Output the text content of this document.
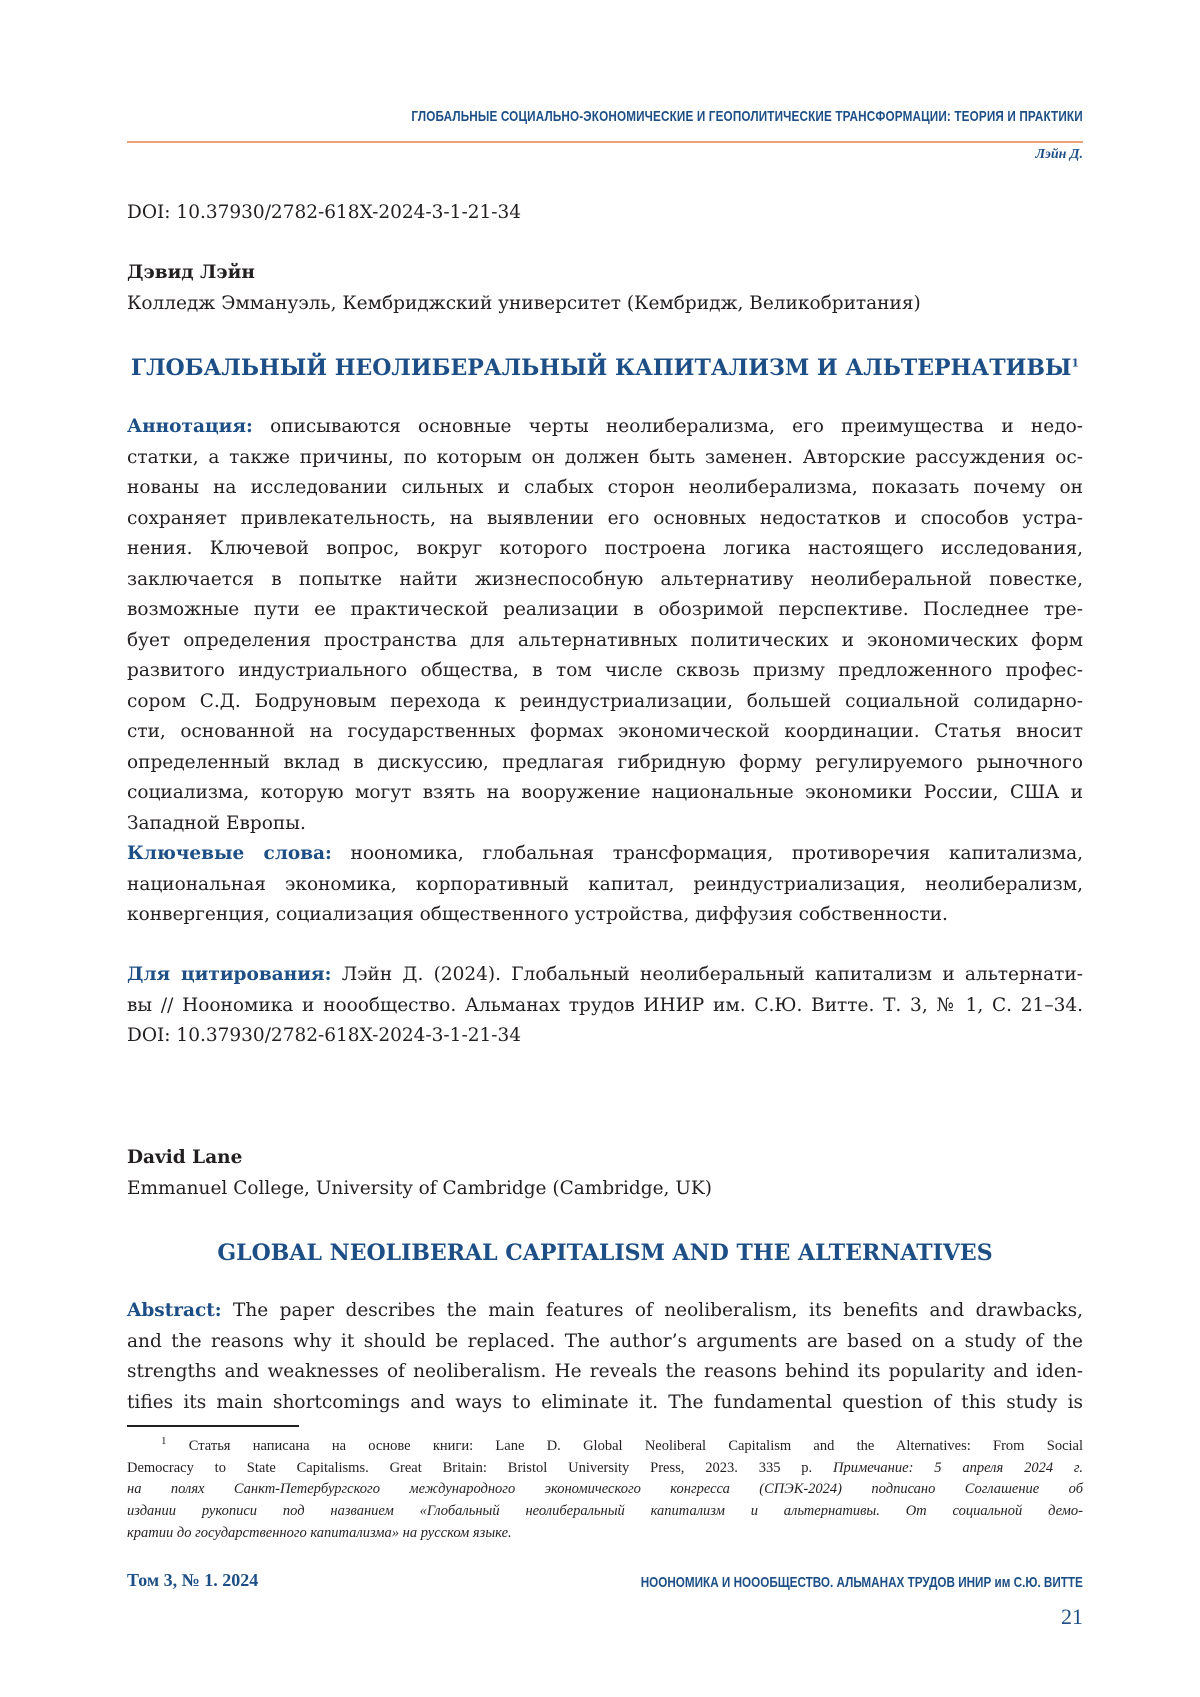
ГЛОБАЛЬНЫЕ СОЦИАЛЬНО-ЭКОНОМИЧЕСКИЕ И ГЕОПОЛИТИЧЕСКИЕ ТРАНСФОРМАЦИИ: ТЕОРИЯ И ПРАКТИКИ
Лэйн Д.
DOI: 10.37930/2782-618X-2024-3-1-21-34
Дэвид Лэйн
Колледж Эммануэль, Кембриджский университет (Кембридж, Великобритания)
ГЛОБАЛЬНЫЙ НЕОЛИБЕРАЛЬНЫЙ КАПИТАЛИЗМ И АЛЬТЕРНАТИВЫ1
Аннотация: описываются основные черты неолиберализма, его преимущества и недо-
статки, а также причины, по которым он должен быть заменен. Авторские рассуждения ос-
нованы на исследовании сильных и слабых сторон неолиберализма, показать почему он
сохраняет привлекательность, на выявлении его основных недостатков и способов устра-
нения. Ключевой вопрос, вокруг которого построена логика настоящего исследования,
заключается в попытке найти жизнеспособную альтернативу неолиберальной повестке,
возможные пути ее практической реализации в обозримой перспективе. Последнее тре-
бует определения пространства для альтернативных политических и экономических форм
развитого индустриального общества, в том числе сквозь призму предложенного профес-
сором С.Д. Бодруновым перехода к реиндустриализации, большей социальной солидарно-
сти, основанной на государственных формах экономической координации. Статья вносит
определенный вклад в дискуссию, предлагая гибридную форму регулируемого рыночного
социализма, которую могут взять на вооружение национальные экономики России, США и
Западной Европы.
Ключевые слова: нoономика, глобальная трансформация, противоречия капитализма,
национальная экономика, корпоративный капитал, реиндустриализация, неолиберализм,
конвергенция, социализация общественного устройства, диффузия собственности.
Для цитирования: Лэйн Д. (2024). Глобальный неолиберальный капитализм и альтернати-
вы // Нooномика и нooобщество. Альманах трудов ИНИР им. С.Ю. Витте. Т. 3, № 1, С. 21–34.
DOI: 10.37930/2782-618X-2024-3-1-21-34
David Lane
Emmanuel College, University of Cambridge (Cambridge, UK)
GLOBAL NEOLIBERAL CAPITALISM AND THE ALTERNATIVES
Abstract: The paper describes the main features of neoliberalism, its benefits and drawbacks,
and the reasons why it should be replaced. The author’s arguments are based on a study of the
strengths and weaknesses of neoliberalism. He reveals the reasons behind its popularity and iden-
tifies its main shortcomings and ways to eliminate it. The fundamental question of this study is
1 Статья написана на основе книги: Lane D. Global Neoliberal Capitalism and the Alternatives: From Social
Democracy to State Capitalisms. Great Britain: Bristol University Press, 2023. 335 p. Примечание: 5 апреля 2024 г.
на полях Санкт-Петербургского международного экономического конгресса (СПЭК-2024) подписано Соглашение об
издании рукописи под названием «Глобальный неолиберальный капитализм и альтернативы. От социальной демо-
кратии до государственного капитализма» на русском языке.
Том 3, № 1. 2024	НООНОМИКА И НОООБЩЕСТВО. АЛЬМАНАХ ТРУДОВ ИНИР им С.Ю. ВИТТЕ
21
